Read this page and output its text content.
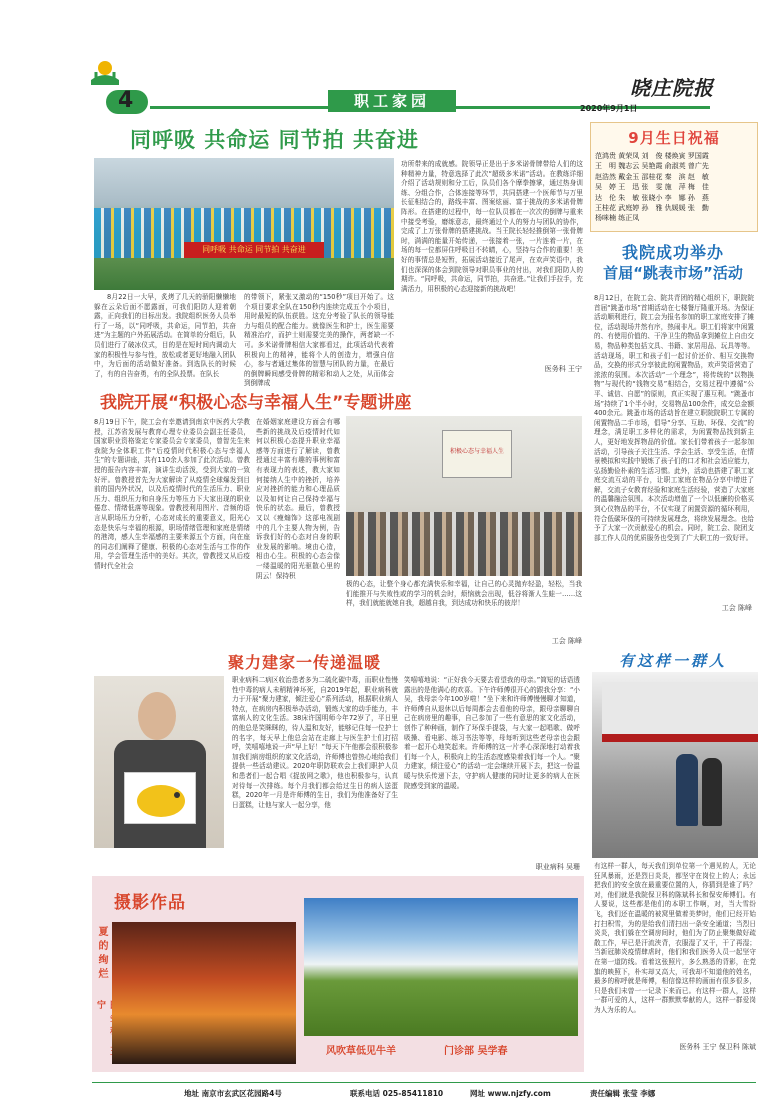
4	职工家园
晓庄院报
2020年9月1日
同呼吸 共命运 同节拍 共奋进
同呼吸 共命运 同节拍 共奋进
8月22日一大早，炙烤了几天的骄阳懒懒地躲在云朵后面不愿露面，可我们阳防人迎着朝露，正向我们的目标出发。我院组织医务人员举行了一场，以“同呼吸，共命运，同节拍，共奋进”为主题的户外拓展活动。在简单的分组后，队员们进行了破冰仪式，目的是在短时间内调动大家的积极性与参与性，放松或者更好地融入团队中，为后面的活动做好准备。到选队长的时候了，有的自告奋勇，有的全队投票。在队长
的带领下，紧张又激动的“150秒”项目开始了。这个项目要求全队在150秒内连续完成五个小项目，用时最短的队伍获胜。这充分考验了队长的领导能力与组员的配合能力。就像医生和护士，医生需要精准治疗，而护士则需要完美的操作，两者缺一不可。多米诺骨牌相信大家都看过，此项活动代表着积极向上的精神，能将个人的创造力，增强自信心，参与者通过集体的智慧与团队的力量，在最后的倒牌瞬间感受骨牌的精彩和动人之处，从而体会到倒牌成
功所带来的成就感。院领导正是出于多米诺骨牌带给人们的这种精神力量，特意选择了此次“超级多米诺”活动。在教练详细介绍了活动规则和分工后，队员们各个摩拳擦掌，通过热身训练、分组合作，合体连接等环节，共同搭建一个医师节与万里长征相结合的，路线丰富、图案炫丽、富于挑战的多米诺骨牌阵形。在搭建的过程中，每一位队员都在一次次的倒牌与重来中接受考验，磨练意志，最终通过个人的努力与团队的协作，完成了上万张骨牌的搭建挑战。当王院长轻轻推倒第一张骨牌时，满满的能量开始传递，一张接着一张，一片连着一片，在场的每一位都屏住呼吸目不转睛，心，竖持与合作的重要！美好的事情总是短暂，拓展活动接近了尾声，在欢声笑语中，我们也深深的体会到院领导对职员事业的付出，对我们阳防人的期许。“同呼吸，共命运，同节拍，共奋进。”让我们手拉手，充满活力，用积极的心态迎接新的挑战吧！
医务科 王宁
9月生日祝福
范鸿贵 黄荣凤 刘　俊 楼焕寅 罗国霞
王　明 魏志云 吴艳霞 俞淑英 曾广先
赵浩然 戴金玉 邵桂花 秦　滨 赵　敏
吴　婷 王　迅 张　雯 施　萍 梅　佳
达　伦 朱　敏 张晓小 李　娜 孙　燕
王桂花 武庭婷 孙　雅 仇媛媛 张　勤
杨咪楠 练正凤
我院成功举办
首届“跳表市场”活动
8月12日，在院工会、院共青团的精心组织下，职院院首届“跳蚤市场”首期活动在七楼餐厅隆重开场。为保证活动顺利进行，院工会为报名参加的职工家庭安排了摊位，活动现场井然有序，热闹非凡。职工们将家中闲置的、有使用价值的、干净卫生的物品拿到摊位上自由交易，物品种类包括文具、书籍、家居用品、玩具等等。活动现场，职工和孩子们一起讨价还价、相互交换物品，交换的形式分享彼此的闲置物品，欢声笑语营造了浓浓的氛围。本次活动“一个理念”，将传统的“以物换物”与现代的“钱物交易”相结合，交易过程中遵循“公平、诚信、自愿”的原则，真正实现了惠互利。“跳蚤市场”持续了1个半小时，交易物品100余件，成交总金额400余元。跳蚤市场的活动旨在建立职院院职工专属的闲置物品二手市场，倡导“分享、互助、环保、交流”的理念，满足职工多样化的需求，为闲置物品找到新主人，更好地发挥物品的价值。家长们带着孩子一起参加活动，引导孩子关注生活、学会生活、享受生活，在情景模拟和实践中锻炼了孩子们的口才和社会适应能力，弘扬勤俭朴素的生活习惯。此外，活动也搭建了职工家庭交流互动的平台，让职工家庭在物品分享中增进了解，交流子女教育经验和家庭生活经验，营造了大家庭的温馨融洽氛围。本次活动增值了一个以低廉的价格买到心仪物品的平台，不仅实现了闲置资源的循环利用，符合低碳环保的可持续发展理念，将续发展理念。也给予了大家一次贡献爱心的机会。同时，院工会、院团支部工作人员的优质服务也受到了广大职工的一致好评。
工会 陈峰
我院开展“积极心态与幸福人生”专题讲座
8月19日下午，院工会有幸邀请到南京中医药大学教授，江苏省发展与教育心理专业委员会副主任委员，国家职业资格鉴定专家委员会专家委员，曾智先生来我院为全体职工作“后疫情时代积极心态与幸福人生”的专题讲座，共有110余人参加了此次活动。曾教授的报告内容丰富，演讲生动活泼，受到大家的一致好评。曾教授首先为大家解读了从疫情全球爆发到目前的国内外状况，以及后疫情时代的生活压力、职业压力、组织压力和自身压力等压力下大家出现的职业倦怠、情绪低落等现象。曾教授利用图片、音频的语言从职场压力分析，心态对成长的重要意义，阳光心态是快乐与幸福的根源，职场情绪管理和家庭是情绪的港湾，感人生幸福感的主要来源五个方面，向在座的同志们阐释了健康、积极的心态对生活与工作的作用，学会管理生活中的美好。其次，曾教授又从后疫情时代全社会
在婚姻家庭建设方面会有哪些新的挑战及后疫情时代如何以积极心态提升职业幸福感等方面进行了解读，曾教授通过丰富有趣的事例和富有表现力的表述，教大家如何接纳人生中的挫折，培养应对挫折的能力和心理品质以及如何让自己保持幸福与快乐的状态。最后，曾教授又以《瘦煽饰》这部电视剧中的几个主要人物为例，告诉我们好的心态对自身的职业发展的影响。境由心造，相由心生。积极的心态会像一缕温暖的阳光驱散心里的阴云！保持积
积极心态与幸福人生
极的心态，让整个身心都充满快乐和幸福，让自己的心灵抛弃轻盈，轻松，当我们能推开与失败性或的学习的机会时，烦恼就会出现，低谷将渐人生蛙一……这样，我们就能就她自我，超越自我，到达成功和快乐的彼岸！
工会 陈峰
聚力建家一传递温暖
职业病科二病区收治患者多为二硫化碳中毒，而职业性慢性中毒的病人未稍精神坏死，自2019年起，职业病科就力于开展“聚力建家，倾注爱心”系列活动，根据职业病人特点，在病房内积极举办活动，锻炼大家的动手能力，丰富病人的文化生活。38床许国明师今年72岁了，平日里的他总是笑眯眯的，待人温和友好，能够记住每一位护士的名字，每天早上他总会站在走廊上与医生护士们打招呼，笑嘻嘻地说一声“早上好！”每天下午他都会很积极参加我们病房组织的家文化活动，许师傅也曾热心地给我们提供一些活动建议。2020年职防联欢会上我们职护人员和患者们一起合唱《捉放网之歌》，他也积极参与，认真对待每一次排练。每个月我们都会给过生日的病人送蛋糕，2020年一月是许师傅的生日，我们为他准备好了生日蛋糕，让他与家人一起分享，他
笑嘻嘻地说：“正好我今天要去看望我的母亲。”简短的话语透露出的是他满心的欢喜。下午许师傅很开心的跟我分享：“小吴，我母亲今年100岁啦！”坐下来和许师傅慢慢聊才知道，许师傅自从退休以后每周都会去看他的母亲，跟母亲聊聊自己在病房里的趣事，自己参加了一些有意思的家文化活动，创作了种种画，制作了环保手提袋，与大家一起唱歌、做呼吸操、看电影、练习书法等等，母每听到这些老母亲也会跟着一起开心地笑起来。许师傅的这一片孝心深深地打动着我们每一个人，积极向上的生活态度感染着我们每一个人。“聚力建家，倾注爱心”的活动一定会继续开展下去，把这一份温暖与快乐传递下去，守护病人健康的同时让更多的病人在医院感受到家的温暖。
职业病科 吴珊
摄影作品
夏的绚烂
宁
风吹草低见牛羊	门诊部 吴学春
有这样一群人
有这样一群人，每天我们到单位第一个遇见的人，无论狂风暴雨，还是烈日炎炎，都坚守在岗位上的人；永远把我们的安全放在最重要位置的人，你猜到是谁了吗？对，他们就是我院保卫科的陈斌科长和保安师傅们。有人要说，这些都是他们的本职工作啊，对，当大雪纷飞，我们还在温暖的被窝里做着美梦时，他们已经开始打扫积雪，为的是给我们清扫出一条安全通道；当烈日炎炎，我们躲在空调房间时，他们为了防止聚集做好疏散工作，早已是汗流浃背，衣服湿了又干，干了再湿；当新冠肺炎疫情肆虐时，他们和我们医务人员一起坚守在第一道防线。看着这张照片，多么熟悉的背影，在党旗的映照下，朴实却又高大，可我却不知道他的姓名，最多的称呼就是师傅，相信像这样的画面有很多很多，只是我们未曾一一记录下来而已。有这样一群人，这样一群可爱的人，这样一群默默奉献的人，这样一群爱岗为人为乐的人。
医务科 王宁 保卫科 陈斌
地址 南京市玄武区花园路4号	联系电话 025-85411810	网址 www.njzfy.com	责任编辑 张莹 李娜
